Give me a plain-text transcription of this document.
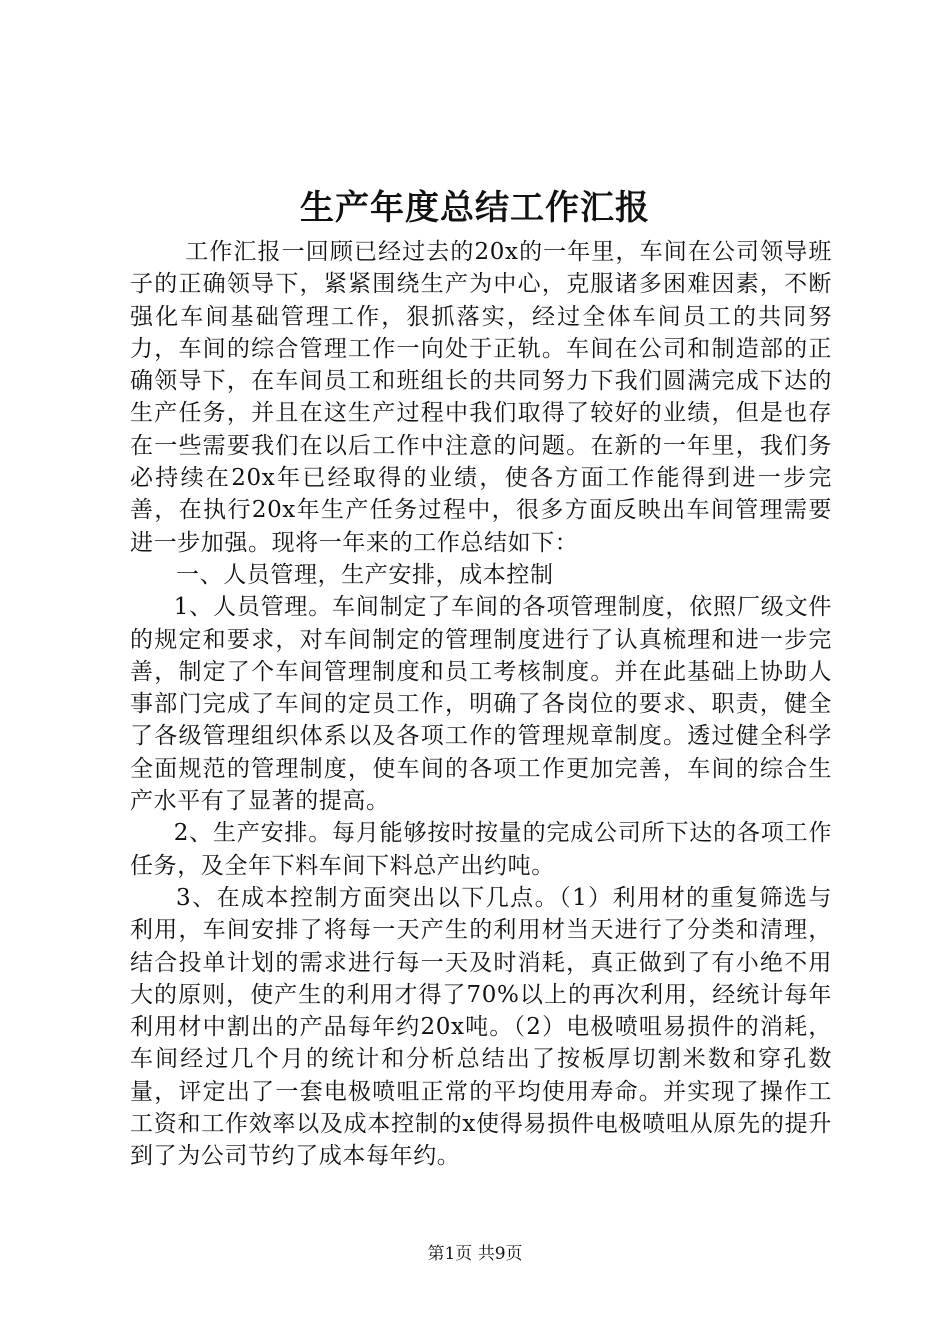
生产年度总结工作汇报

工作汇报一回顾已经过去的20x的一年里，车间在公司领导班子的正确领导下，紧紧围绕生产为中心，克服诸多困难因素，不断强化车间基础管理工作，狠抓落实，经过全体车间员工的共同努力，车间的综合管理工作一向处于正轨。车间在公司和制造部的正确领导下，在车间员工和班组长的共同努力下我们圆满完成下达的生产任务，并且在这生产过程中我们取得了较好的业绩，但是也存在一些需要我们在以后工作中注意的问题。在新的一年里，我们务必持续在20x年已经取得的业绩，使各方面工作能得到进一步完善，在执行20x年生产任务过程中，很多方面反映出车间管理需要进一步加强。现将一年来的工作总结如下：

一、人员管理，生产安排，成本控制

1、人员管理。车间制定了车间的各项管理制度，依照厂级文件的规定和要求，对车间制定的管理制度进行了认真梳理和进一步完善，制定了个车间管理制度和员工考核制度。并在此基础上协助人事部门完成了车间的定员工作，明确了各岗位的要求、职责，健全了各级管理组织体系以及各项工作的管理规章制度。透过健全科学全面规范的管理制度，使车间的各项工作更加完善，车间的综合生产水平有了显著的提高。

2、生产安排。每月能够按时按量的完成公司所下达的各项工作任务，及全年下料车间下料总产出约吨。

3、在成本控制方面突出以下几点。（1）利用材的重复筛选与利用，车间安排了将每一天产生的利用材当天进行了分类和清理，结合投单计划的需求进行每一天及时消耗，真正做到了有小绝不用大的原则，使产生的利用才得了70%以上的再次利用，经统计每年利用材中割出的产品每年约20x吨。（2）电极喷咀易损件的消耗，车间经过几个月的统计和分析总结出了按板厚切割米数和穿孔数量，评定出了一套电极喷咀正常的平均使用寿命。并实现了操作工工资和工作效率以及成本控制的x使得易损件电极喷咀从原先的提升到了为公司节约了成本每年约。

第1页 共9页
